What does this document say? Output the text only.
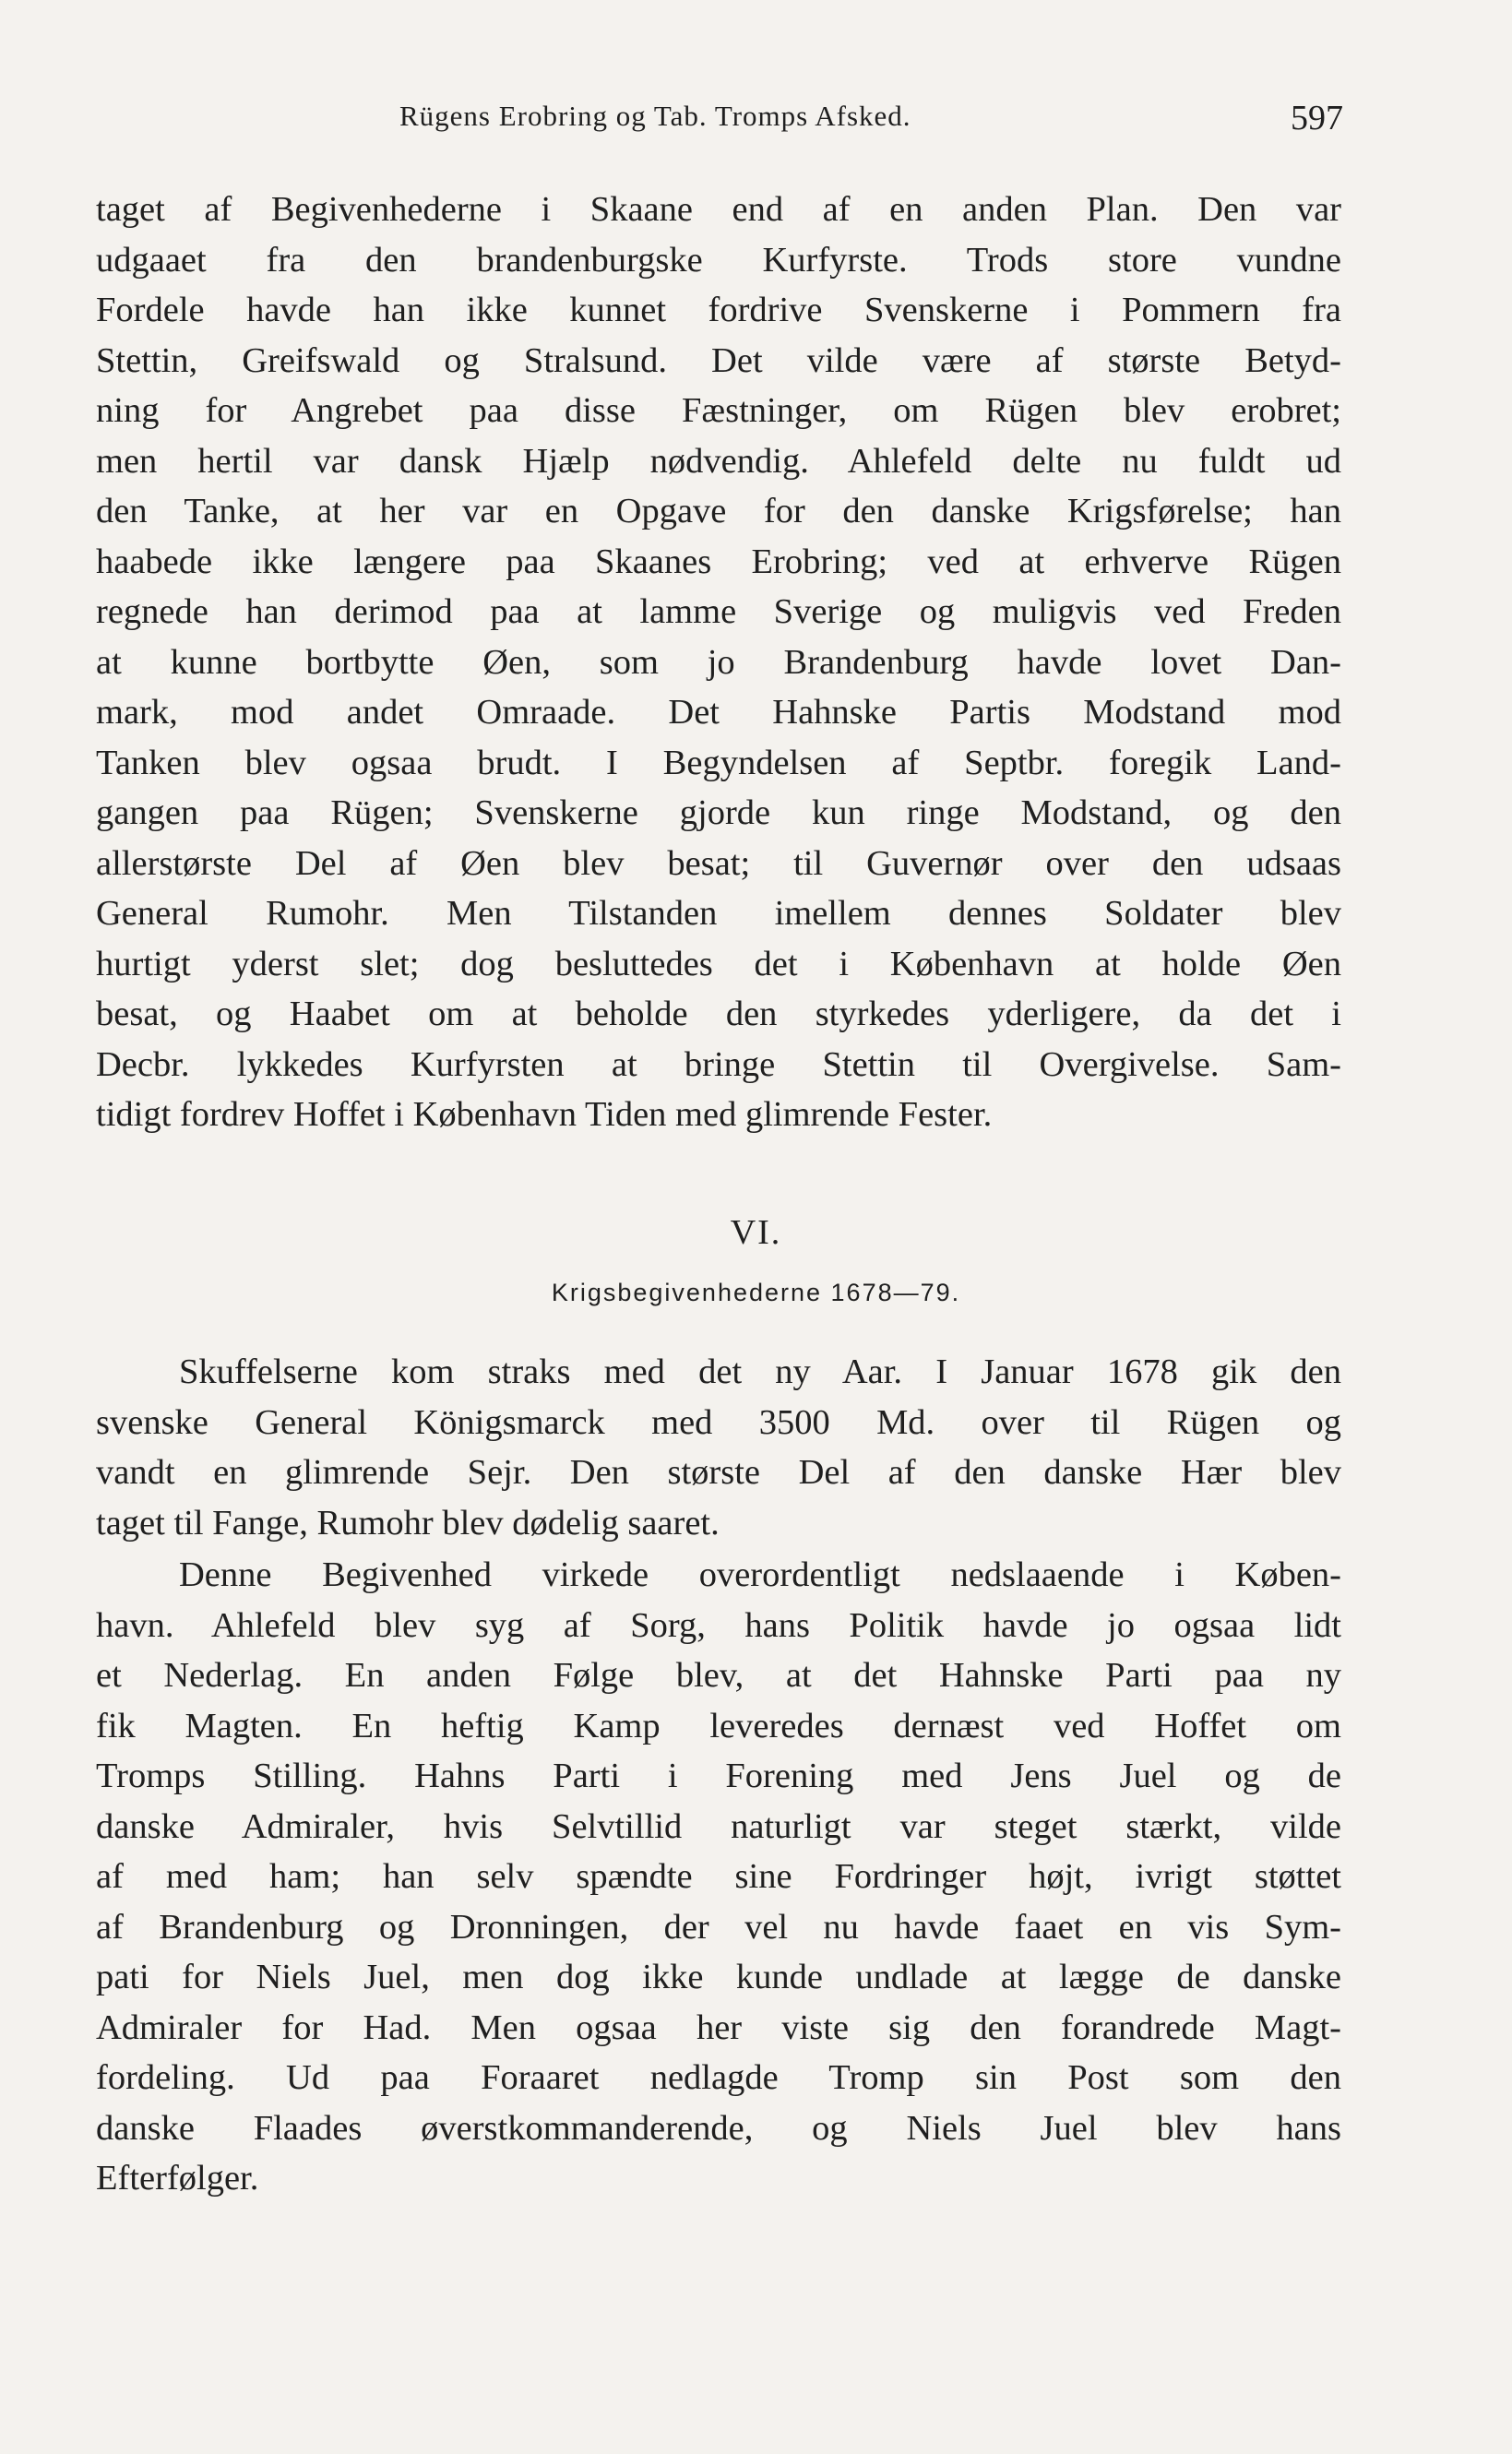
Rügens Erobring og Tab. Tromps Afsked.	597
taget af Begivenhederne i Skaane end af en anden Plan. Den var
udgaaet fra den brandenburgske Kurfyrste. Trods store vundne
Fordele havde han ikke kunnet fordrive Svenskerne i Pommern fra
Stettin, Greifswald og Stralsund. Det vilde være af største Betyd-
ning for Angrebet paa disse Fæstninger, om Rügen blev erobret;
men hertil var dansk Hjælp nødvendig. Ahlefeld delte nu fuldt ud
den Tanke, at her var en Opgave for den danske Krigsførelse; han
haabede ikke længere paa Skaanes Erobring; ved at erhverve Rügen
regnede han derimod paa at lamme Sverige og muligvis ved Freden
at kunne bortbytte Øen, som jo Brandenburg havde lovet Dan-
mark, mod andet Omraade. Det Hahnske Partis Modstand mod
Tanken blev ogsaa brudt. I Begyndelsen af Septbr. foregik Land-
gangen paa Rügen; Svenskerne gjorde kun ringe Modstand, og den
allerstørste Del af Øen blev besat; til Guvernør over den udsaas
General Rumohr. Men Tilstanden imellem dennes Soldater blev
hurtigt yderst slet; dog besluttedes det i København at holde Øen
besat, og Haabet om at beholde den styrkedes yderligere, da det i
Decbr. lykkedes Kurfyrsten at bringe Stettin til Overgivelse. Sam-
tidigt fordrev Hoffet i København Tiden med glimrende Fester.
VI.
Krigsbegivenhederne 1678—79.
Skuffelserne kom straks med det ny Aar. I Januar 1678 gik den
svenske General Königsmarck med 3500 Md. over til Rügen og
vandt en glimrende Sejr. Den største Del af den danske Hær blev
taget til Fange, Rumohr blev dødelig saaret.
Denne Begivenhed virkede overordentligt nedslaaende i Køben-
havn. Ahlefeld blev syg af Sorg, hans Politik havde jo ogsaa lidt
et Nederlag. En anden Følge blev, at det Hahnske Parti paa ny
fik Magten. En heftig Kamp leveredes dernæst ved Hoffet om
Tromps Stilling. Hahns Parti i Forening med Jens Juel og de
danske Admiraler, hvis Selvtillid naturligt var steget stærkt, vilde
af med ham; han selv spændte sine Fordringer højt, ivrigt støttet
af Brandenburg og Dronningen, der vel nu havde faaet en vis Sym-
pati for Niels Juel, men dog ikke kunde undlade at lægge de danske
Admiraler for Had. Men ogsaa her viste sig den forandrede Magt-
fordeling. Ud paa Foraaret nedlagde Tromp sin Post som den
danske Flaades øverstkommanderende, og Niels Juel blev hans
Efterfølger.
